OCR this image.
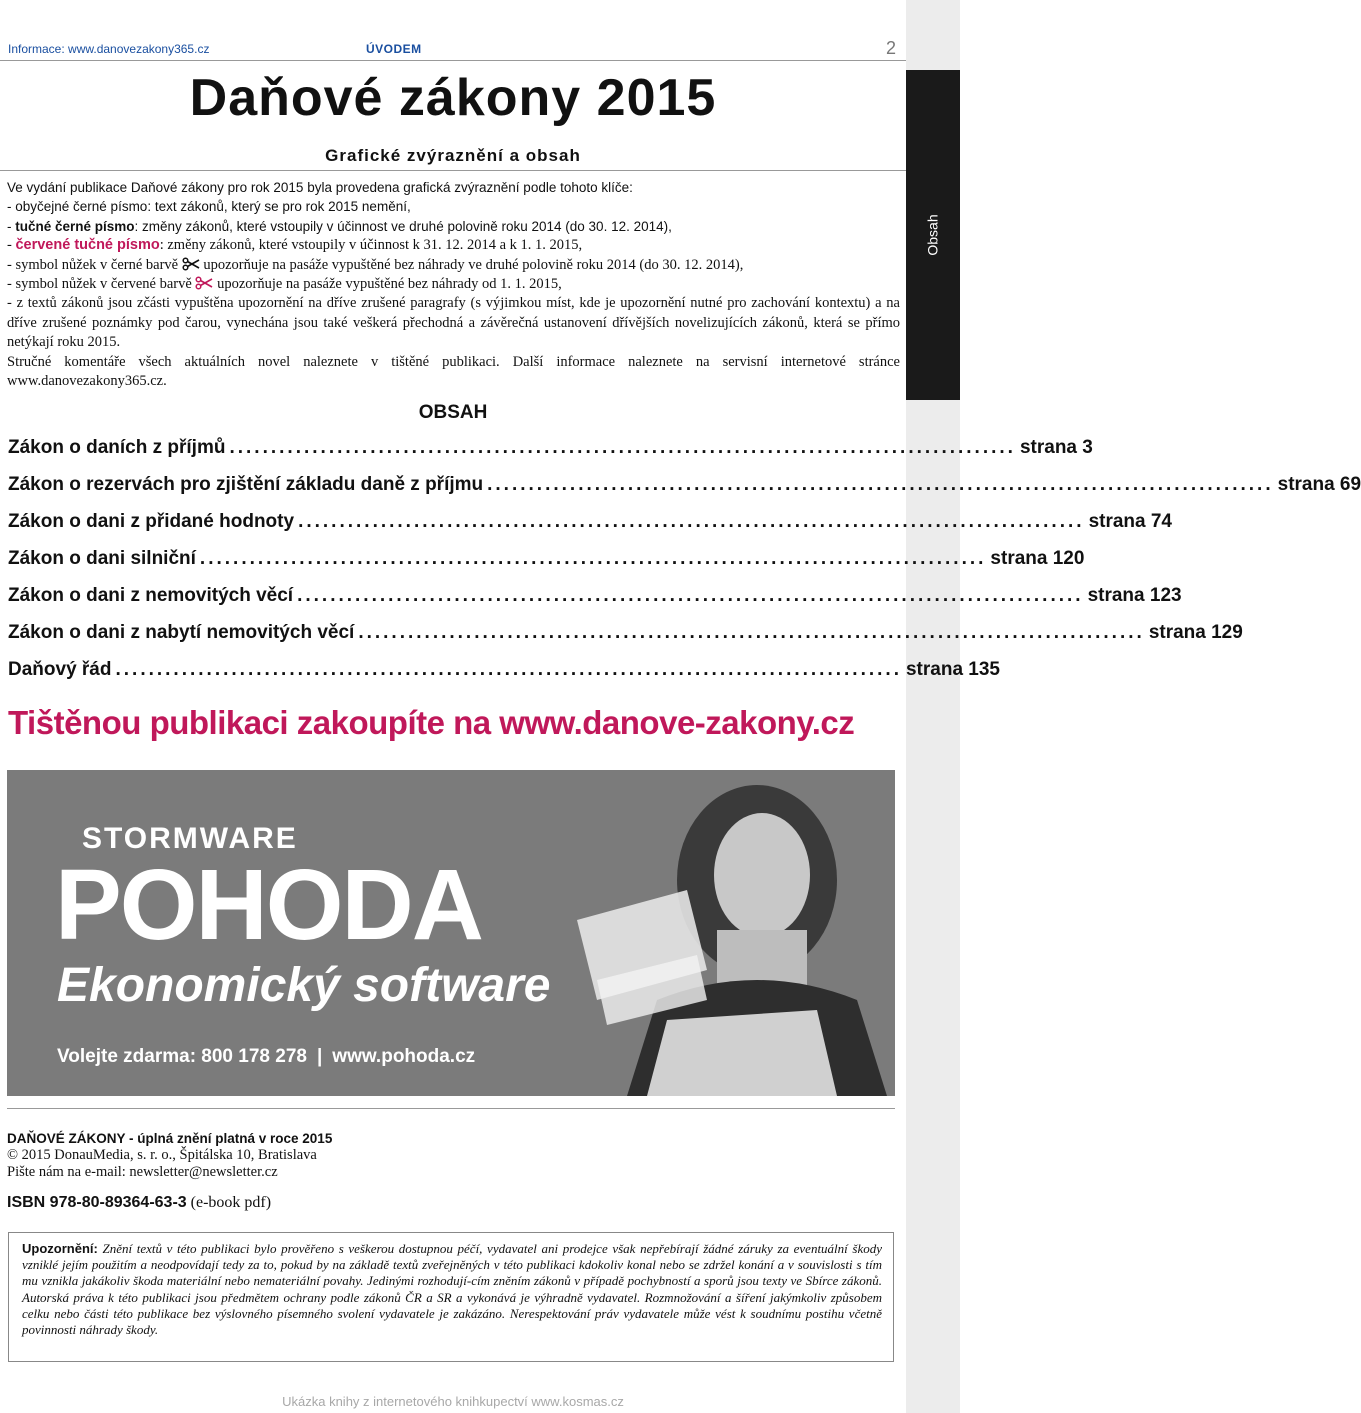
Obsah
Informace: www.danovezakony365.cz	ÚVODEM	2
Daňové zákony 2015
Grafické zvýraznění a obsah
Ve vydání publikace Daňové zákony pro rok 2015 byla provedena grafická zvýraznění podle tohoto klíče:
- obyčejné černé písmo: text zákonů, který se pro rok 2015 nemění,
- tučné černé písmo: změny zákonů, které vstoupily v účinnost ve druhé polovině roku 2014 (do 30. 12. 2014),
- červené tučné písmo: změny zákonů, které vstoupily v účinnost k 31. 12. 2014 a k 1. 1. 2015,
- symbol nůžek v černé barvě upozorňuje na pasáže vypuštěné bez náhrady ve druhé polovině roku 2014 (do 30. 12. 2014),
- symbol nůžek v červené barvě upozorňuje na pasáže vypuštěné bez náhrady od 1. 1. 2015,
- z textů zákonů jsou zčásti vypuštěna upozornění na dříve zrušené paragrafy (s výjimkou míst, kde je upozornění nutné pro zachování kontextu) a na dříve zrušené poznámky pod čarou, vynechána jsou také veškerá přechodná a závěrečná ustanovení dřívějších novelizujících zákonů, která se přímo netýkají roku 2015.
Stručné komentáře všech aktuálních novel naleznete v tištěné publikaci. Další informace naleznete na servisní internetové stránce www.danovezakony365.cz.
OBSAH
Zákon o daních z příjmů ............................................................................................... strana 3
Zákon o rezervách pro zjištění základu daně z příjmu ............................................................................................... strana 69
Zákon o dani z přidané hodnoty ............................................................................................... strana 74
Zákon o dani silniční ............................................................................................... strana 120
Zákon o dani z nemovitých věcí ............................................................................................... strana 123
Zákon o dani z nabytí nemovitých věcí ............................................................................................... strana 129
Daňový řád ............................................................................................... strana 135
Tištěnou publikaci zakoupíte na www.danove-zakony.cz
STORMWARE
POHODA
Ekonomický software
Volejte zdarma: 800 178 278 | www.pohoda.cz
DAŇOVÉ ZÁKONY - úplná znění platná v roce 2015
© 2015 DonauMedia, s. r. o., Špitálska 10, Bratislava
Pište nám na e-mail: newsletter@newsletter.cz
ISBN 978-80-89364-63-3 (e-book pdf)
Upozornění: Znění textů v této publikaci bylo prověřeno s veškerou dostupnou péčí, vydavatel ani prodejce však nepřebírají žádné záruky za eventuální škody vzniklé jejím použitím a neodpovídají tedy za to, pokud by na základě textů zveřejněných v této publikaci kdokoliv konal nebo se zdržel konání a v souvislosti s tím mu vznikla jakákoliv škoda materiální nebo nemateriální povahy. Jedinými rozhodují-cím zněním zákonů v případě pochybností a sporů jsou texty ve Sbírce zákonů. Autorská práva k této publikaci jsou předmětem ochrany podle zákonů ČR a SR a vykonává je výhradně vydavatel. Rozmnožování a šíření jakýmkoliv způsobem celku nebo části této publikace bez výslovného písemného svolení vydavatele je zakázáno. Nerespektování práv vydavatele může vést k soudnímu postihu včetně povinnosti náhrady škody.
Ukázka knihy z internetového knihkupectví www.kosmas.cz
